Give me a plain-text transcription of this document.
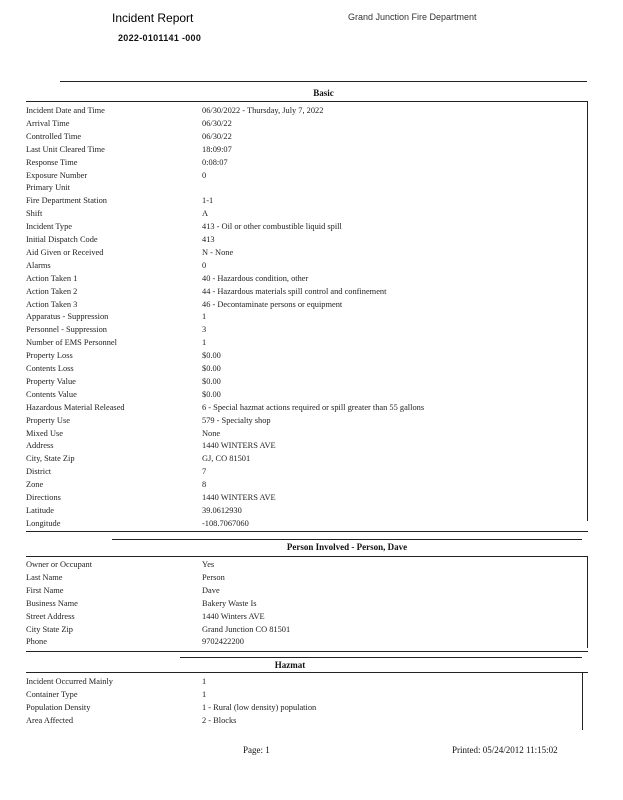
Incident Report
2022-0101141 -000
Grand Junction Fire Department
Basic
Incident Date and Time	06/30/2022 - Thursday, July 7, 2022
Arrival Time	06/30/22
Controlled Time	06/30/22
Last Unit Cleared Time	18:09:07
Response Time	0:08:07
Exposure Number	0
Primary Unit
Fire Department Station	1-1
Shift	A
Incident Type	413 - Oil or other combustible liquid spill
Initial Dispatch Code	413
Aid Given or Received	N - None
Alarms	0
Action Taken 1	40 - Hazardous condition, other
Action Taken 2	44 - Hazardous materials spill control and confinement
Action Taken 3	46 - Decontaminate persons or equipment
Apparatus - Suppression	1
Personnel - Suppression	3
Number of EMS Personnel	1
Property Loss	$0.00
Contents Loss	$0.00
Property Value	$0.00
Contents Value	$0.00
Hazardous Material Released	6 - Special hazmat actions required or spill greater than 55 gallons
Property Use	579 - Specialty shop
Mixed Use	None
Address	1440 WINTERS AVE
City, State Zip	GJ, CO 81501
District	7
Zone	8
Directions	1440 WINTERS AVE
Latitude	39.0612930
Longitude	-108.7067060
Person Involved - Person, Dave
Owner or Occupant	Yes
Last Name	Person
First Name	Dave
Business Name	Bakery Waste Is
Street Address	1440 Winters AVE
City State Zip	Grand Junction CO 81501
Phone	9702422200
Hazmat
Incident Occurred Mainly	1
Container Type	1
Population Density	1 - Rural (low density) population
Area Affected	2 - Blocks
Page: 1	Printed: 05/24/2012 11:15:02
